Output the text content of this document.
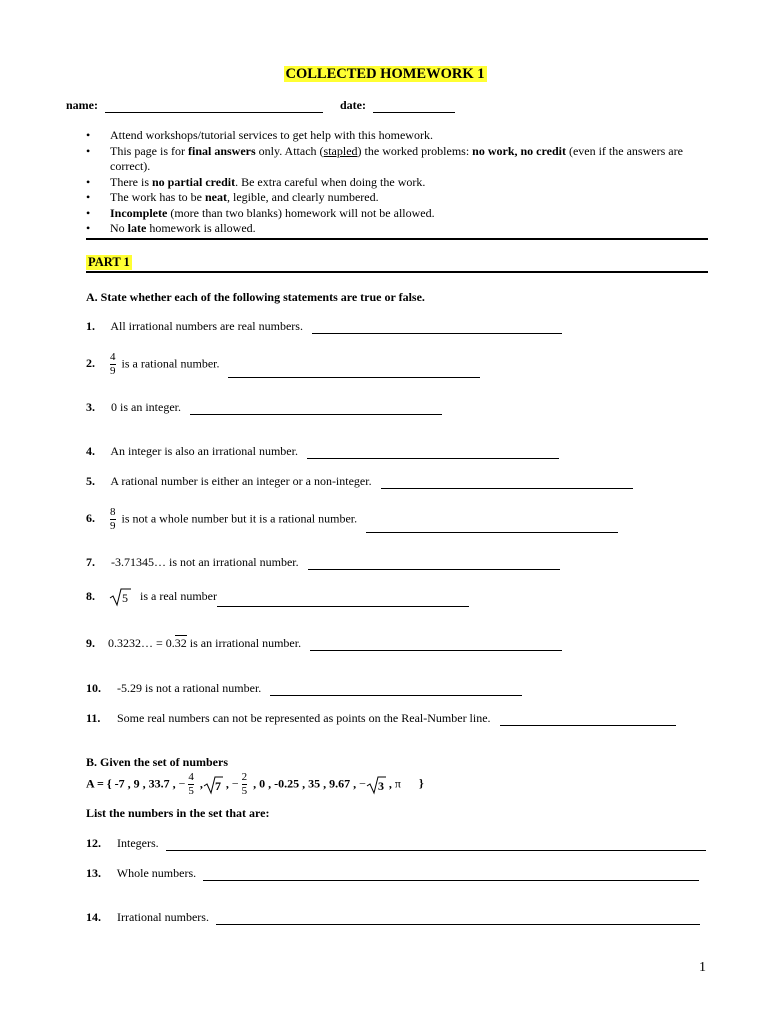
COLLECTED HOMEWORK 1
name:	date:
• Attend workshops/tutorial services to get help with this homework.
• This page is for final answers only. Attach (stapled) the worked problems: no work, no credit (even if the answers are correct).
• There is no partial credit. Be extra careful when doing the work.
• The work has to be neat, legible, and clearly numbered.
• Incomplete (more than two blanks) homework will not be allowed.
• No late homework is allowed.
PART 1
A. State whether each of the following statements are true or false.
1. All irrational numbers are real numbers.
2. $\frac{4}{9}$ is a rational number.
3. 0 is an integer.
4. An integer is also an irrational number.
5. A rational number is either an integer or a non-integer.
6. $\frac{8}{9}$ is not a whole number but it is a rational number.
7. -3.71345… is not an irrational number.
8. 5 is a real number
9. 0.3232… = 0.32 is an irrational number.
10. -5.29 is not a rational number.
11. Some real numbers can not be represented as points on the Real-Number line.
B. Given the set of numbers
A = { -7 , 9 , 33.7 , − $\frac{4}{5}$ , 7 , − $\frac{2}{5}$ , 0 , -0.25 , 35 , 9.67 , − 3 , π }
List the numbers in the set that are:
12. Integers.
13. Whole numbers.
14. Irrational numbers.
1
